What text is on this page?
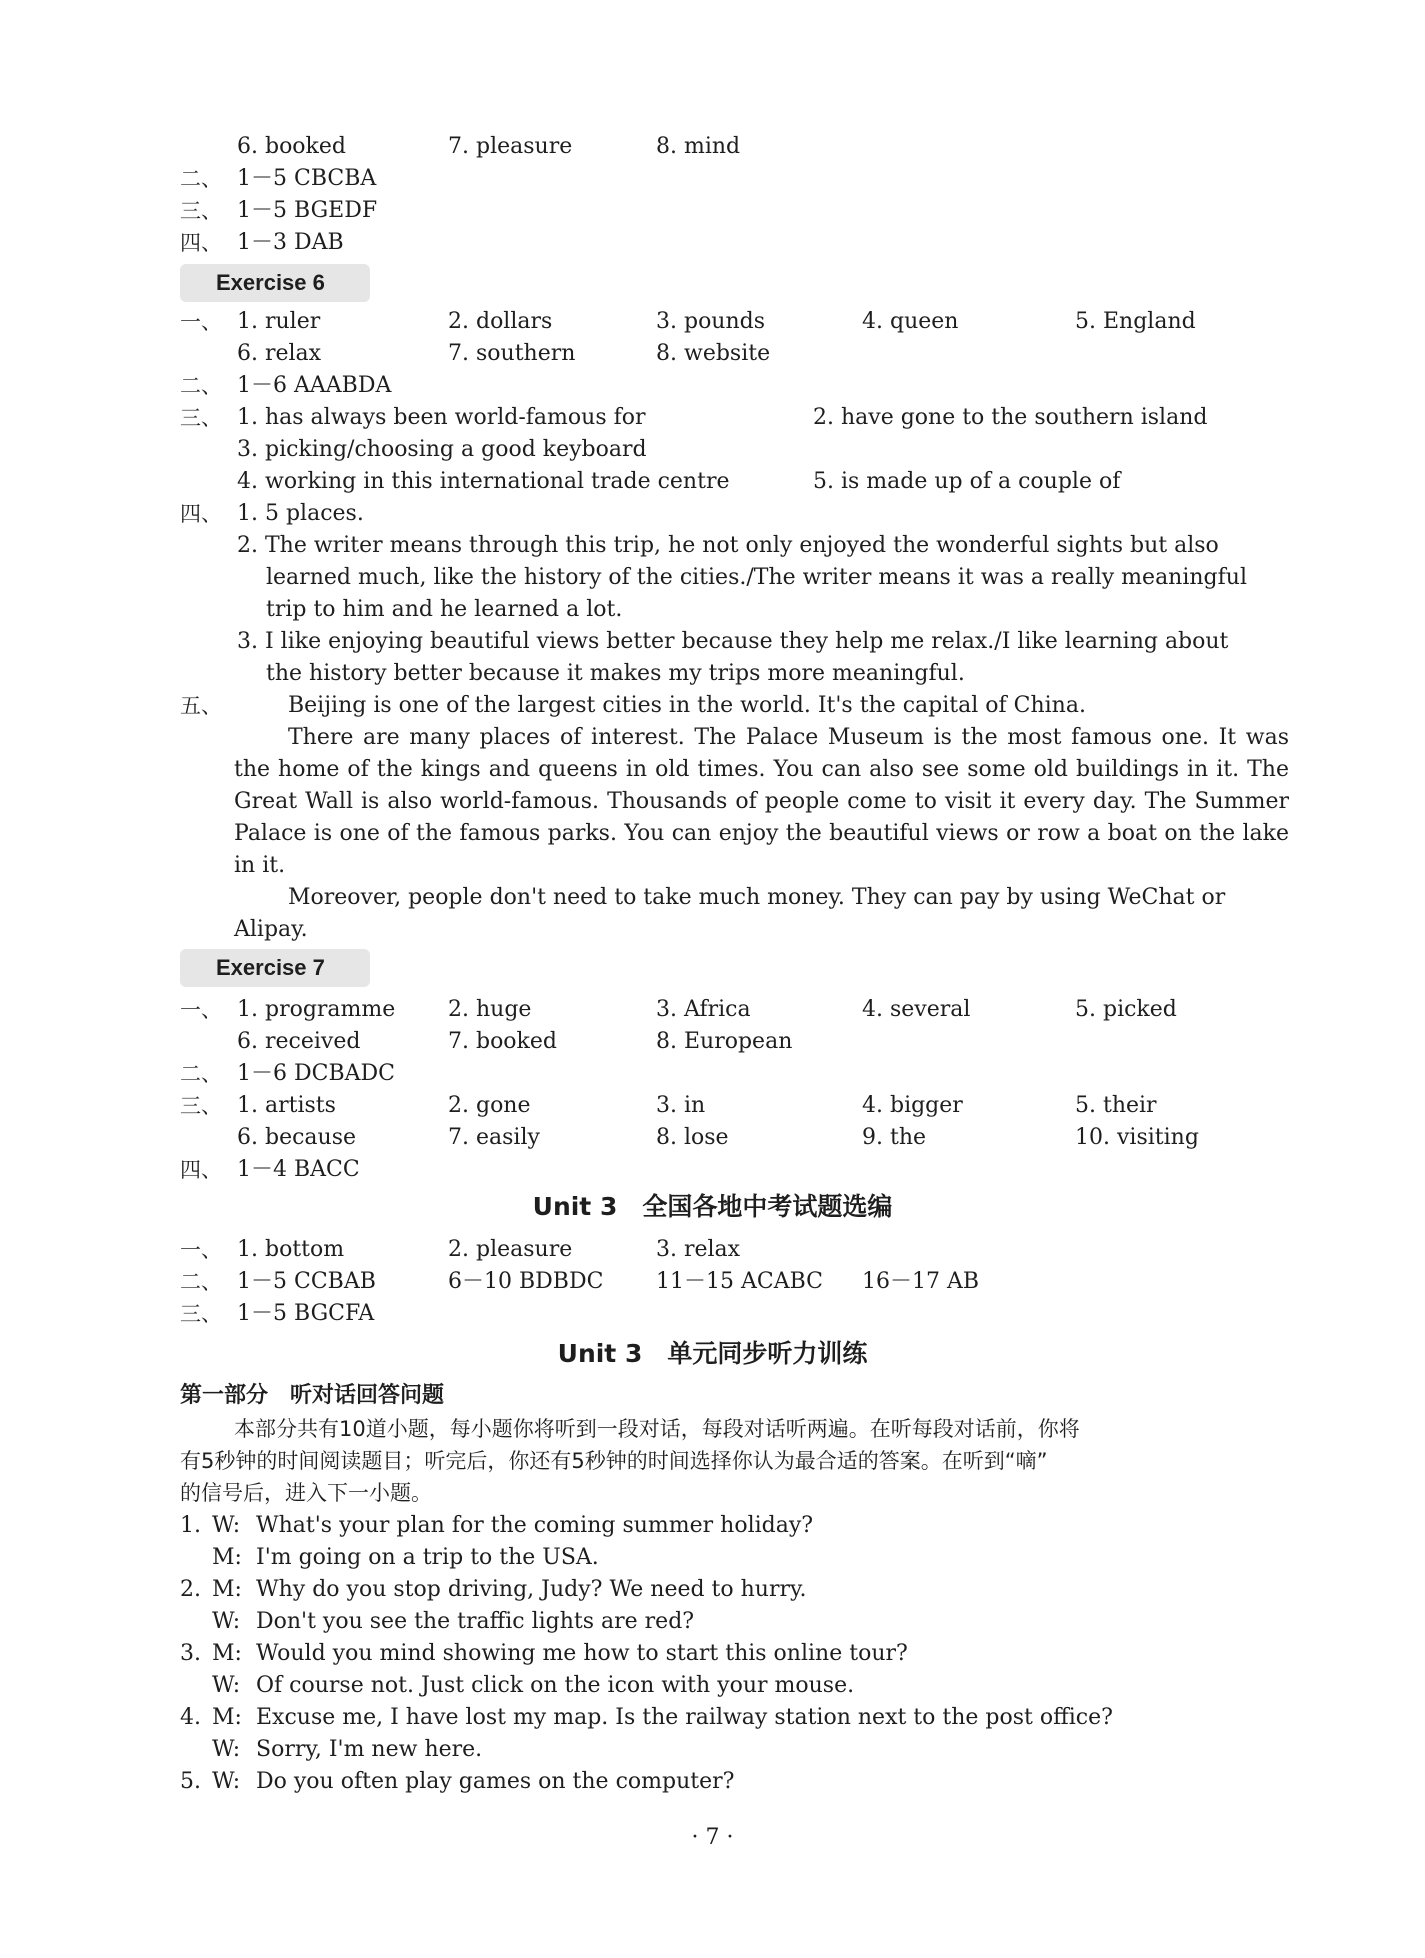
6. booked	7. pleasure	8. mind
二、 1－5 CBCBA
三、 1－5 BGEDF
四、 1－3 DAB
Exercise 6
一、 1. ruler	2. dollars	3. pounds	4. queen	5. England
6. relax	7. southern	8. website
二、 1－6 AAABDA
三、 1. has always been world-famous for	2. have gone to the southern island
3. picking/choosing a good keyboard
4. working in this international trade centre	5. is made up of a couple of
四、 1. 5 places.
2. The writer means through this trip, he not only enjoyed the wonderful sights but also
learned much, like the history of the cities./The writer means it was a really meaningful
trip to him and he learned a lot.
3. I like enjoying beautiful views better because they help me relax./I like learning about
the history better because it makes my trips more meaningful.
五、	Beijing is one of the largest cities in the world. It's the capital of China.
There are many places of interest. The Palace Museum is the most famous one. It was the home of the kings and queens in old times. You can also see some old buildings in it. The Great Wall is also world-famous. Thousands of people come to visit it every day. The Summer Palace is one of the famous parks. You can enjoy the beautiful views or row a boat on the lake in it.
Moreover, people don't need to take much money. They can pay by using WeChat or Alipay.
Exercise 7
一、 1. programme 2. huge	3. Africa	4. several	5. picked
6. received	7. booked	8. European
二、 1－6 DCBADC
三、 1. artists	2. gone	3. in	4. bigger	5. their
6. because	7. easily	8. lose	9. the	10. visiting
四、 1－4 BACC
Unit 3　全国各地中考试题选编
一、 1. bottom	2. pleasure	3. relax
二、 1－5 CCBAB	6－10 BDBDC 11－15 ACABC 16－17 AB
三、 1－5 BGCFA
Unit 3　单元同步听力训练
第一部分　听对话回答问题
本部分共有10道小题，每小题你将听到一段对话，每段对话听两遍。在听每段对话前，你将
有5秒钟的时间阅读题目；听完后，你还有5秒钟的时间选择你认为最合适的答案。在听到“嘀”
的信号后，进入下一小题。
1. W: What's your plan for the coming summer holiday?
M: I'm going on a trip to the USA.
2. M: Why do you stop driving, Judy? We need to hurry.
W: Don't you see the traffic lights are red?
3. M: Would you mind showing me how to start this online tour?
W: Of course not. Just click on the icon with your mouse.
4. M: Excuse me, I have lost my map. Is the railway station next to the post office?
W: Sorry, I'm new here.
5. W: Do you often play games on the computer?
· 7 ·
